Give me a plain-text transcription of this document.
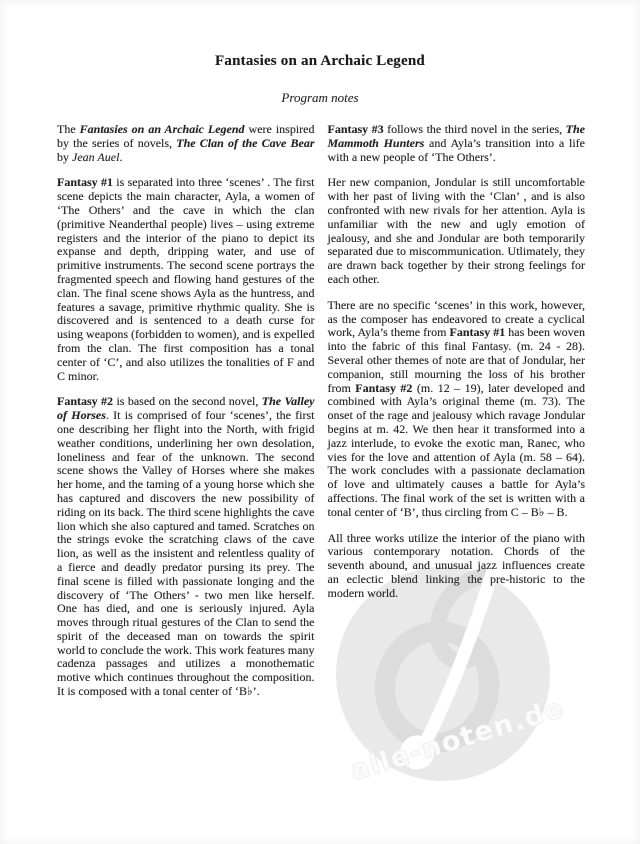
alle-noten.de
Fantasies on an Archaic Legend
Program notes

The Fantasies on an Archaic Legend were inspired by the series of novels, The Clan of the Cave Bear by Jean Auel.

Fantasy #1 is separated into three ‘scenes’ . The first scene depicts the main character, Ayla, a women of ‘The Others’ and the cave in which the clan (primitive Neanderthal people) lives – using extreme registers and the interior of the piano to depict its expanse and depth, dripping water, and use of primitive instruments. The second scene portrays the fragmented speech and flowing hand gestures of the clan. The final scene shows Ayla as the huntress, and features a savage, primitive rhythmic quality. She is discovered and is sentenced to a death curse for using weapons (forbidden to women), and is expelled from the clan. The first composition has a tonal center of ‘C’, and also utilizes the tonalities of F and C minor.

Fantasy #2 is based on the second novel, The Valley of Horses. It is comprised of four ‘scenes’, the first one describing her flight into the North, with frigid weather conditions, underlining her own desolation, loneliness and fear of the unknown. The second scene shows the Valley of Horses where she makes her home, and the taming of a young horse which she has captured and discovers the new possibility of riding on its back. The third scene highlights the cave lion which she also captured and tamed. Scratches on the strings evoke the scratching claws of the cave lion, as well as the insistent and relentless quality of a fierce and deadly predator pursing its prey. The final scene is filled with passionate longing and the discovery of ‘The Others’ - two men like herself. One has died, and one is seriously injured. Ayla moves through ritual gestures of the Clan to send the spirit of the deceased man on towards the spirit world to conclude the work. This work features many cadenza passages and utilizes a monothematic motive which continues throughout the composition. It is composed with a tonal center of ‘B♭’.

Fantasy #3 follows the third novel in the series, The Mammoth Hunters and Ayla’s transition into a life with a new people of ‘The Others’.

Her new companion, Jondular is still uncomfortable with her past of living with the ‘Clan’ , and is also confronted with new rivals for her attention. Ayla is unfamiliar with the new and ugly emotion of jealousy, and she and Jondular are both temporarily separated due to miscommunication. Utlimately, they are drawn back together by their strong feelings for each other.

There are no specific ‘scenes’ in this work, however, as the composer has endeavored to create a cyclical work, Ayla’s theme from Fantasy #1 has been woven into the fabric of this final Fantasy. (m. 24 - 28). Several other themes of note are that of Jondular, her companion, still mourning the loss of his brother from Fantasy #2 (m. 12 – 19), later developed and combined with Ayla’s original theme (m. 73). The onset of the rage and jealousy which ravage Jondular begins at m. 42. We then hear it transformed into a jazz interlude, to evoke the exotic man, Ranec, who vies for the love and attention of Ayla (m. 58 – 64). The work concludes with a passionate declamation of love and ultimately causes a battle for Ayla’s affections. The final work of the set is written with a tonal center of ‘B’, thus circling from C – B♭ – B.

All three works utilize the interior of the piano with various contemporary notation. Chords of the seventh abound, and unusual jazz influences create an eclectic blend linking the pre-historic to the modern world.
